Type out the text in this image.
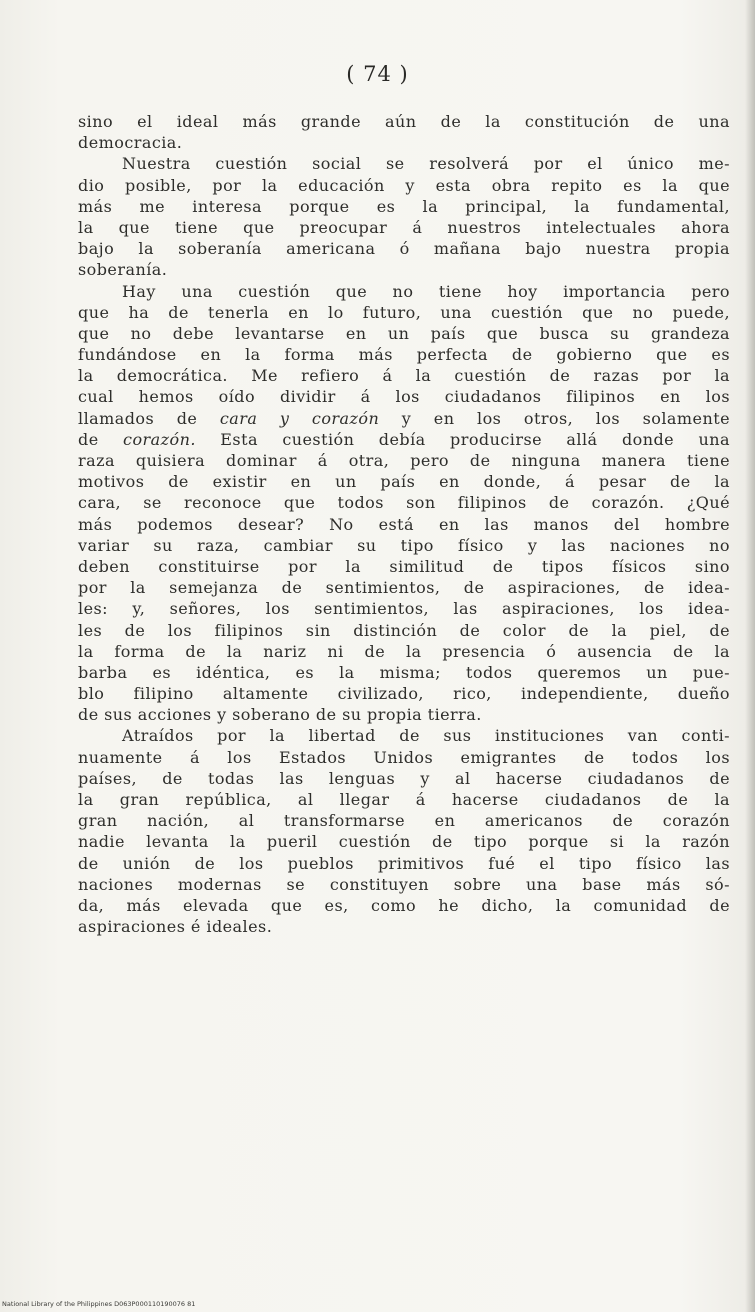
( 74 )
sino el ideal más grande aún de la constitución de una
democracia.
Nuestra cuestión social se resolverá por el único me-
dio posible, por la educación y esta obra repito es la que
más me interesa porque es la principal, la fundamental,
la que tiene que preocupar á nuestros intelectuales ahora
bajo la soberanía americana ó mañana bajo nuestra propia
soberanía.
Hay una cuestión que no tiene hoy importancia pero
que ha de tenerla en lo futuro, una cuestión que no puede,
que no debe levantarse en un país que busca su grandeza
fundándose en la forma más perfecta de gobierno que es
la democrática. Me refiero á la cuestión de razas por la
cual hemos oído dividir á los ciudadanos filipinos en los
llamados de cara y corazón y en los otros, los solamente
de corazón. Esta cuestión debía producirse allá donde una
raza quisiera dominar á otra, pero de ninguna manera tiene
motivos de existir en un país en donde, á pesar de la
cara, se reconoce que todos son filipinos de corazón. ¿Qué
más podemos desear? No está en las manos del hombre
variar su raza, cambiar su tipo físico y las naciones no
deben constituirse por la similitud de tipos físicos sino
por la semejanza de sentimientos, de aspiraciones, de idea-
les: y, señores, los sentimientos, las aspiraciones, los idea-
les de los filipinos sin distinción de color de la piel, de
la forma de la nariz ni de la presencia ó ausencia de la
barba es idéntica, es la misma; todos queremos un pue-
blo filipino altamente civilizado, rico, independiente, dueño
de sus acciones y soberano de su propia tierra.
Atraídos por la libertad de sus instituciones van conti-
nuamente á los Estados Unidos emigrantes de todos los
países, de todas las lenguas y al hacerse ciudadanos de
la gran república, al llegar á hacerse ciudadanos de la
gran nación, al transformarse en americanos de corazón
nadie levanta la pueril cuestión de tipo porque si la razón
de unión de los pueblos primitivos fué el tipo físico las
naciones modernas se constituyen sobre una base más só-
da, más elevada que es, como he dicho, la comunidad de
aspiraciones é ideales.
National Library of the Philippines D063P000110190076 81
